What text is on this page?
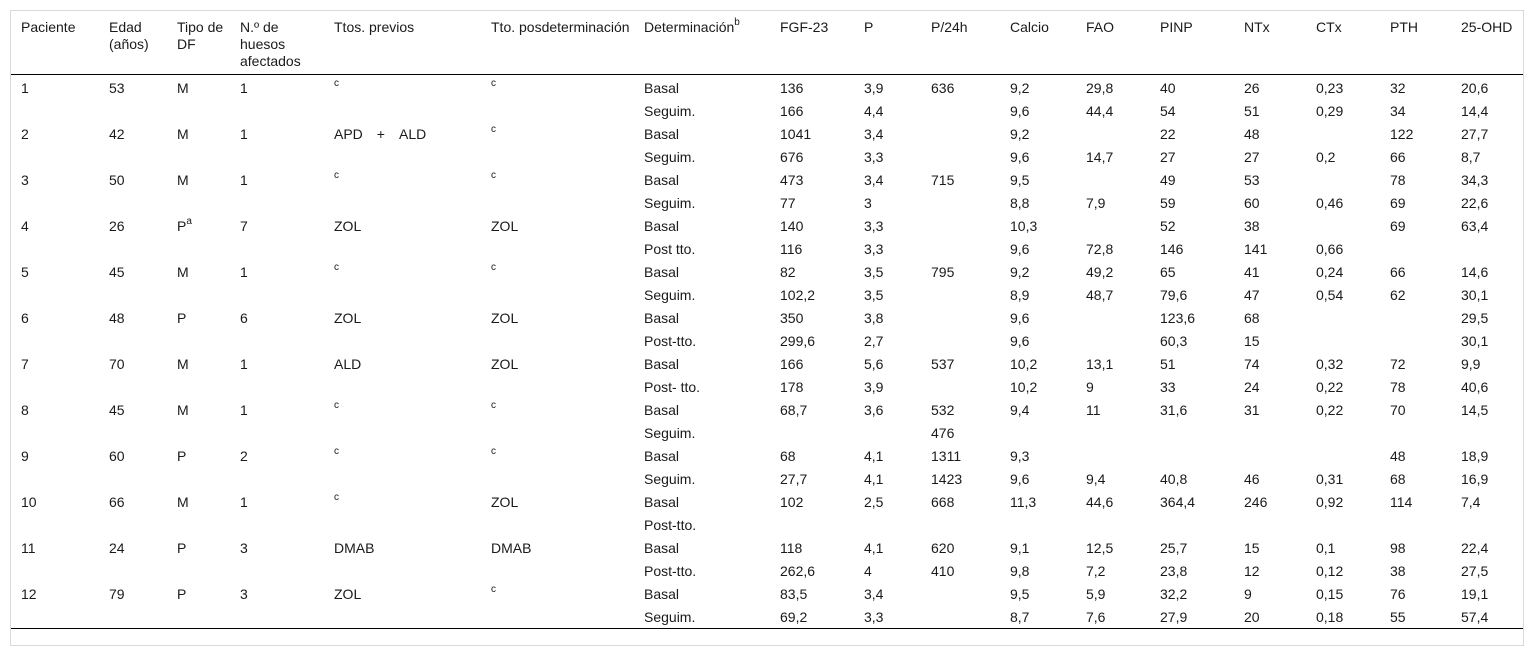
Paciente	Edad (años)	Tipo de DF	N.º de huesos afectados	Ttos. previos	Tto. posdeterminación	Determinación$^b$	FGF-23	P	P/24h	Calcio	FAO	PINP	NTx	CTx	PTH	25-OHD
1	53	M	1	$^c$	$^c$	Basal	136	3,9	636	9,2	29,8	40	26	0,23	32	20,6
						Seguim.	166	4,4		9,6	44,4	54	51	0,29	34	14,4
2	42	M	1	APD + ALD	$^c$	Basal	1041	3,4		9,2		22	48		122	27,7
						Seguim.	676	3,3		9,6	14,7	27	27	0,2	66	8,7
3	50	M	1	$^c$	$^c$	Basal	473	3,4	715	9,5		49	53		78	34,3
						Seguim.	77	3		8,8	7,9	59	60	0,46	69	22,6
4	26	$P^a$	7	ZOL	ZOL	Basal	140	3,3		10,3		52	38		69	63,4
						Post tto.	116	3,3		9,6	72,8	146	141	0,66		
5	45	M	1	$^c$	$^c$	Basal	82	3,5	795	9,2	49,2	65	41	0,24	66	14,6
						Seguim.	102,2	3,5		8,9	48,7	79,6	47	0,54	62	30,1
6	48	P	6	ZOL	ZOL	Basal	350	3,8		9,6		123,6	68			29,5
						Post-tto.	299,6	2,7		9,6		60,3	15			30,1
7	70	M	1	ALD	ZOL	Basal	166	5,6	537	10,2	13,1	51	74	0,32	72	9,9
						Post- tto.	178	3,9		10,2	9	33	24	0,22	78	40,6
8	45	M	1	$^c$	$^c$	Basal	68,7	3,6	532	9,4	11	31,6	31	0,22	70	14,5
						Seguim.			476							
9	60	P	2	$^c$	$^c$	Basal	68	4,1	1311	9,3					48	18,9
						Seguim.	27,7	4,1	1423	9,6	9,4	40,8	46	0,31	68	16,9
10	66	M	1	$^c$	ZOL	Basal	102	2,5	668	11,3	44,6	364,4	246	0,92	114	7,4
						Post-tto.										
11	24	P	3	DMAB	DMAB	Basal	118	4,1	620	9,1	12,5	25,7	15	0,1	98	22,4
						Post-tto.	262,6	4	410	9,8	7,2	23,8	12	0,12	38	27,5
12	79	P	3	ZOL	$^c$	Basal	83,5	3,4		9,5	5,9	32,2	9	0,15	76	19,1
						Seguim.	69,2	3,3		8,7	7,6	27,9	20	0,18	55	57,4
